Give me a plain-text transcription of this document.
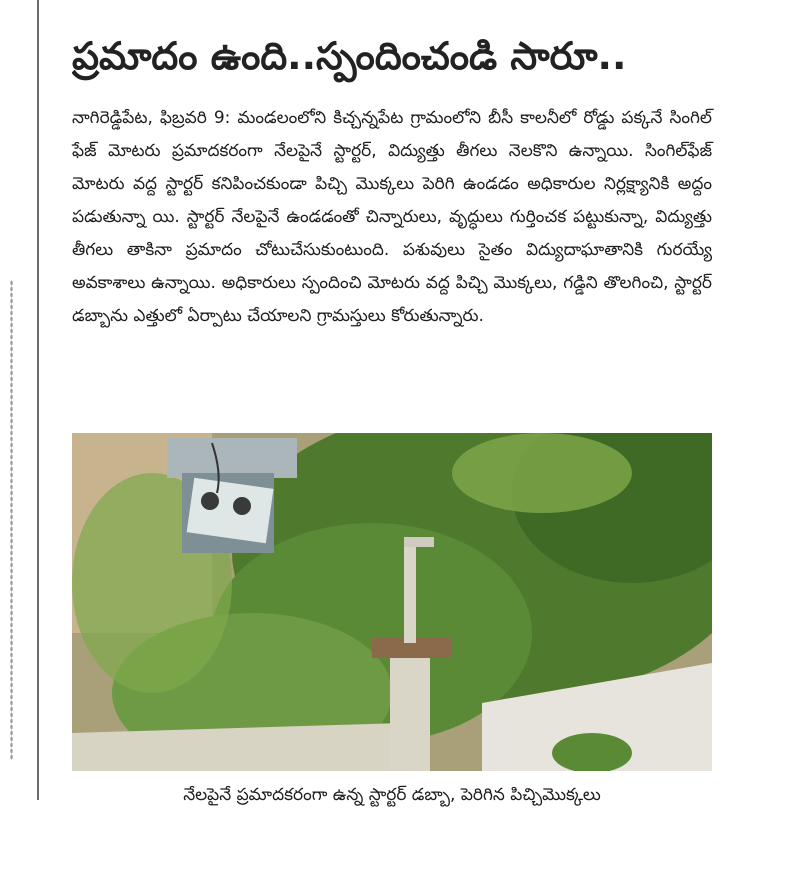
ప్రమాదం ఉంది..స్పందించండి సారూ..

నాగిరెడ్డిపేట, ఫిబ్రవరి 9: మండలంలోని కిచ్చన్నపేట గ్రామంలోని బీసీ కాలనీలో రోడ్డు పక్కనే సింగిల్ ఫేజ్ మోటరు ప్రమాదకరంగా నేలపైనే స్టార్టర్, విద్యుత్తు తీగలు నెలకొని ఉన్నాయి. సింగిల్‌ఫేజ్ మోటరు వద్ద స్టార్టర్ కనిపించకుండా పిచ్చి మొక్కలు పెరిగి ఉండడం అధికారుల నిర్లక్ష్యానికి అద్దం పడుతున్నా యి. స్టార్టర్ నేలపైనే ఉండడంతో చిన్నారులు, వృద్ధులు గుర్తించక పట్టుకున్నా, విద్యుత్తు తీగలు తాకినా ప్రమాదం చోటుచేసుకుంటుంది. పశువులు సైతం విద్యుదాఘాతానికి గురయ్యే అవకాశాలు ఉన్నాయి. అధికారులు స్పందించి మోటరు వద్ద పిచ్చి మొక్కలు, గడ్డిని తొలగించి, స్టార్టర్ డబ్బాను ఎత్తులో ఏర్పాటు చేయాలని గ్రామస్తులు కోరుతున్నారు.

నేలపైనే ప్రమాదకరంగా ఉన్న స్టార్టర్ డబ్బా, పెరిగిన పిచ్చిమొక్కలు
